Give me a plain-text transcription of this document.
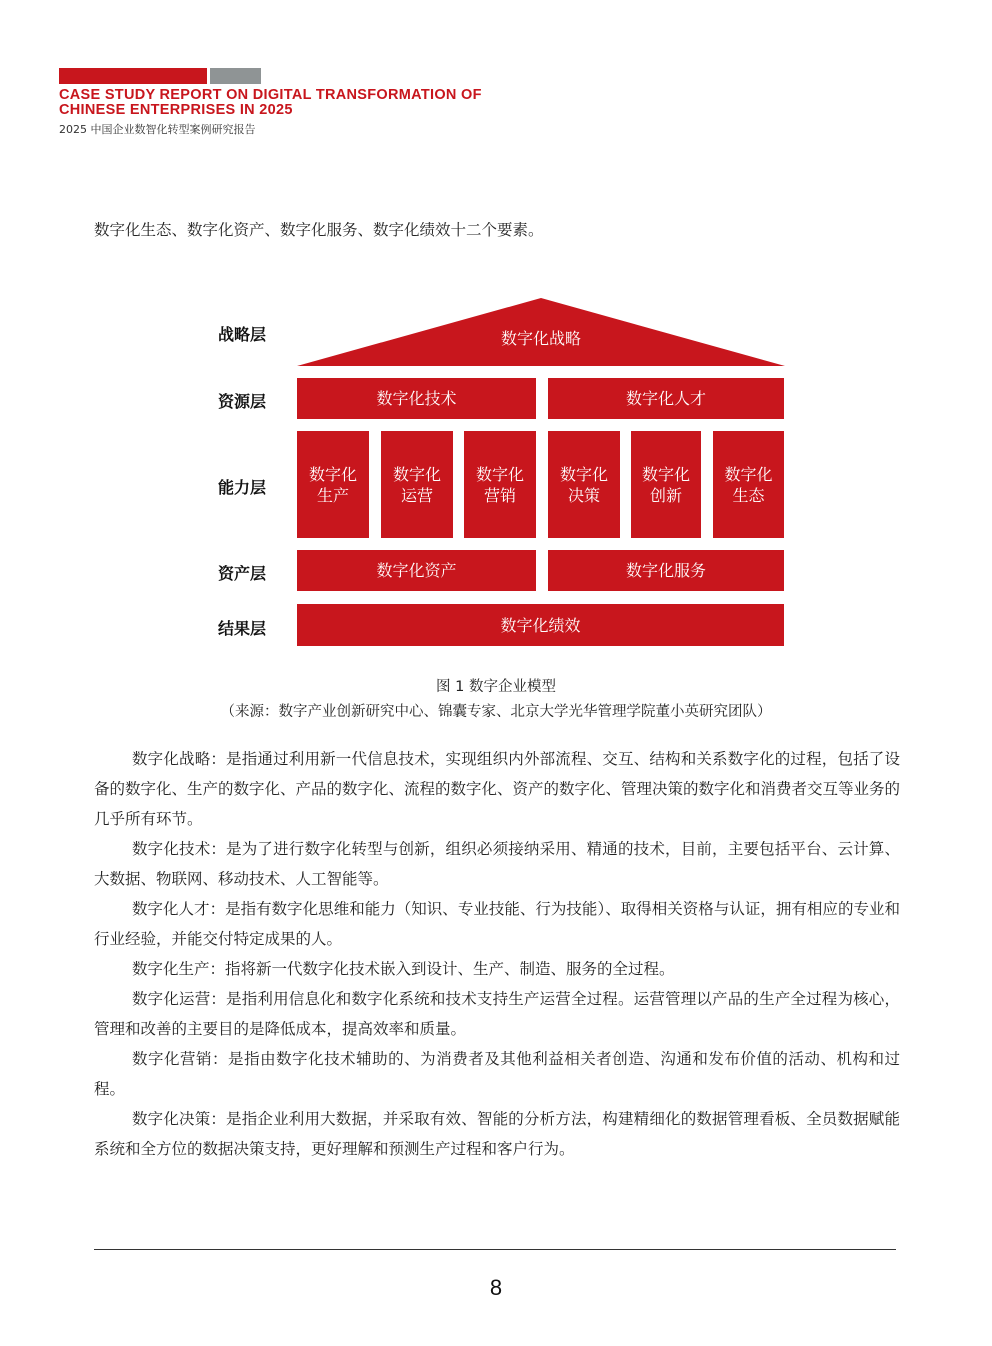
CASE STUDY REPORT ON DIGITAL TRANSFORMATION OF
CHINESE ENTERPRISES IN 2025
2025 中国企业数智化转型案例研究报告
数字化生态、数字化资产、数字化服务、数字化绩效十二个要素。
战略层
资源层
能力层
资产层
结果层
数字化战略
数字化技术	数字化人才
数字化
生产
数字化
运营
数字化
营销
数字化
决策
数字化
创新
数字化
生态
数字化资产	数字化服务
数字化绩效
图 1 数字企业模型
（来源：数字产业创新研究中心、锦囊专家、北京大学光华管理学院董小英研究团队）
数字化战略：是指通过利用新一代信息技术，实现组织内外部流程、交互、结构和关系数字化的过程，包括了设备的数字化、生产的数字化、产品的数字化、流程的数字化、资产的数字化、管理决策的数字化和消费者交互等业务的几乎所有环节。
数字化技术：是为了进行数字化转型与创新，组织必须接纳采用、精通的技术，目前，主要包括平台、云计算、大数据、物联网、移动技术、人工智能等。
数字化人才：是指有数字化思维和能力（知识、专业技能、行为技能）、取得相关资格与认证，拥有相应的专业和行业经验，并能交付特定成果的人。
数字化生产：指将新一代数字化技术嵌入到设计、生产、制造、服务的全过程。
数字化运营：是指利用信息化和数字化系统和技术支持生产运营全过程。运营管理以产品的生产全过程为核心，管理和改善的主要目的是降低成本，提高效率和质量。
数字化营销：是指由数字化技术辅助的、为消费者及其他利益相关者创造、沟通和发布价值的活动、机构和过程。
数字化决策：是指企业利用大数据，并采取有效、智能的分析方法，构建精细化的数据管理看板、全员数据赋能系统和全方位的数据决策支持，更好理解和预测生产过程和客户行为。
8
